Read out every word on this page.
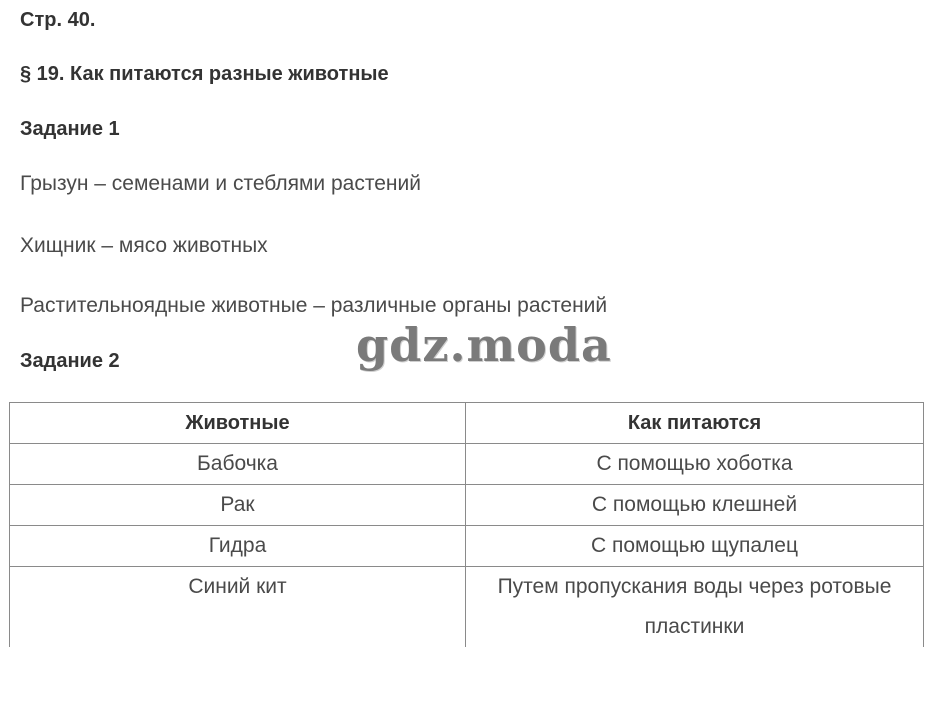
Стр. 40.

§ 19. Как питаются разные животные

Задание 1

Грызун – семенами и стеблями растений

Хищник – мясо животных

Растительноядные животные – различные органы растений

Задание 2	gdz.moda
Животные	Как питаются
Бабочка	С помощью хоботка
Рак	С помощью клешней
Гидра	С помощью щупалец
Синий кит	Путем пропускания воды через ротовые пластинки
